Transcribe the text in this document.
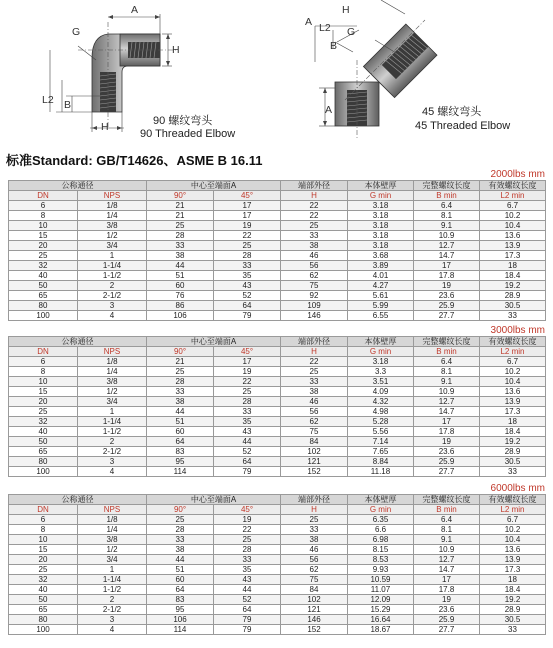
A
G
H
L2 B
H	90 螺纹弯头
90 Threaded Elbow
H
G
A L2
B
A	45 螺纹弯头
45 Threaded Elbow
标准Standard: GB/T14626、ASME B 16.11
2000lbs mm
公称通径		中心至端面A		端部外径	本体壁厚	完整螺纹长度	有效螺纹长度
DN	NPS	90°	45°	H	G min	B min	L2 min
6	1/8	21	17	22	3.18	6.4	6.7
8	1/4	21	17	22	3.18	8.1	10.2
10	3/8	25	19	25	3.18	9.1	10.4
15	1/2	28	22	33	3.18	10.9	13.6
20	3/4	33	25	38	3.18	12.7	13.9
25	1	38	28	46	3.68	14.7	17.3
32	1-1/4	44	33	56	3.89	17	18
40	1-1/2	51	35	62	4.01	17.8	18.4
50	2	60	43	75	4.27	19	19.2
65	2-1/2	76	52	92	5.61	23.6	28.9
80	3	86	64	109	5.99	25.9	30.5
100	4	106	79	146	6.55	27.7	33
3000lbs mm
公称通径		中心至端面A		端部外径	本体壁厚	完整螺纹长度	有效螺纹长度
DN	NPS	90°	45°	H	G min	B min	L2 min
6	1/8	21	17	22	3.18	6.4	6.7
8	1/4	25	19	25	3.3	8.1	10.2
10	3/8	28	22	33	3.51	9.1	10.4
15	1/2	33	25	38	4.09	10.9	13.6
20	3/4	38	28	46	4.32	12.7	13.9
25	1	44	33	56	4.98	14.7	17.3
32	1-1/4	51	35	62	5.28	17	18
40	1-1/2	60	43	75	5.56	17.8	18.4
50	2	64	44	84	7.14	19	19.2
65	2-1/2	83	52	102	7.65	23.6	28.9
80	3	95	64	121	8.84	25.9	30.5
100	4	114	79	152	11.18	27.7	33
6000lbs mm
公称通径		中心至端面A		端部外径	本体壁厚	完整螺纹长度	有效螺纹长度
DN	NPS	90°	45°	H	G min	B min	L2 min
6	1/8	25	19	25	6.35	6.4	6.7
8	1/4	28	22	33	6.6	8.1	10.2
10	3/8	33	25	38	6.98	9.1	10.4
15	1/2	38	28	46	8.15	10.9	13.6
20	3/4	44	33	56	8.53	12.7	13.9
25	1	51	35	62	9.93	14.7	17.3
32	1-1/4	60	43	75	10.59	17	18
40	1-1/2	64	44	84	11.07	17.8	18.4
50	2	83	52	102	12.09	19	19.2
65	2-1/2	95	64	121	15.29	23.6	28.9
80	3	106	79	146	16.64	25.9	30.5
100	4	114	79	152	18.67	27.7	33
